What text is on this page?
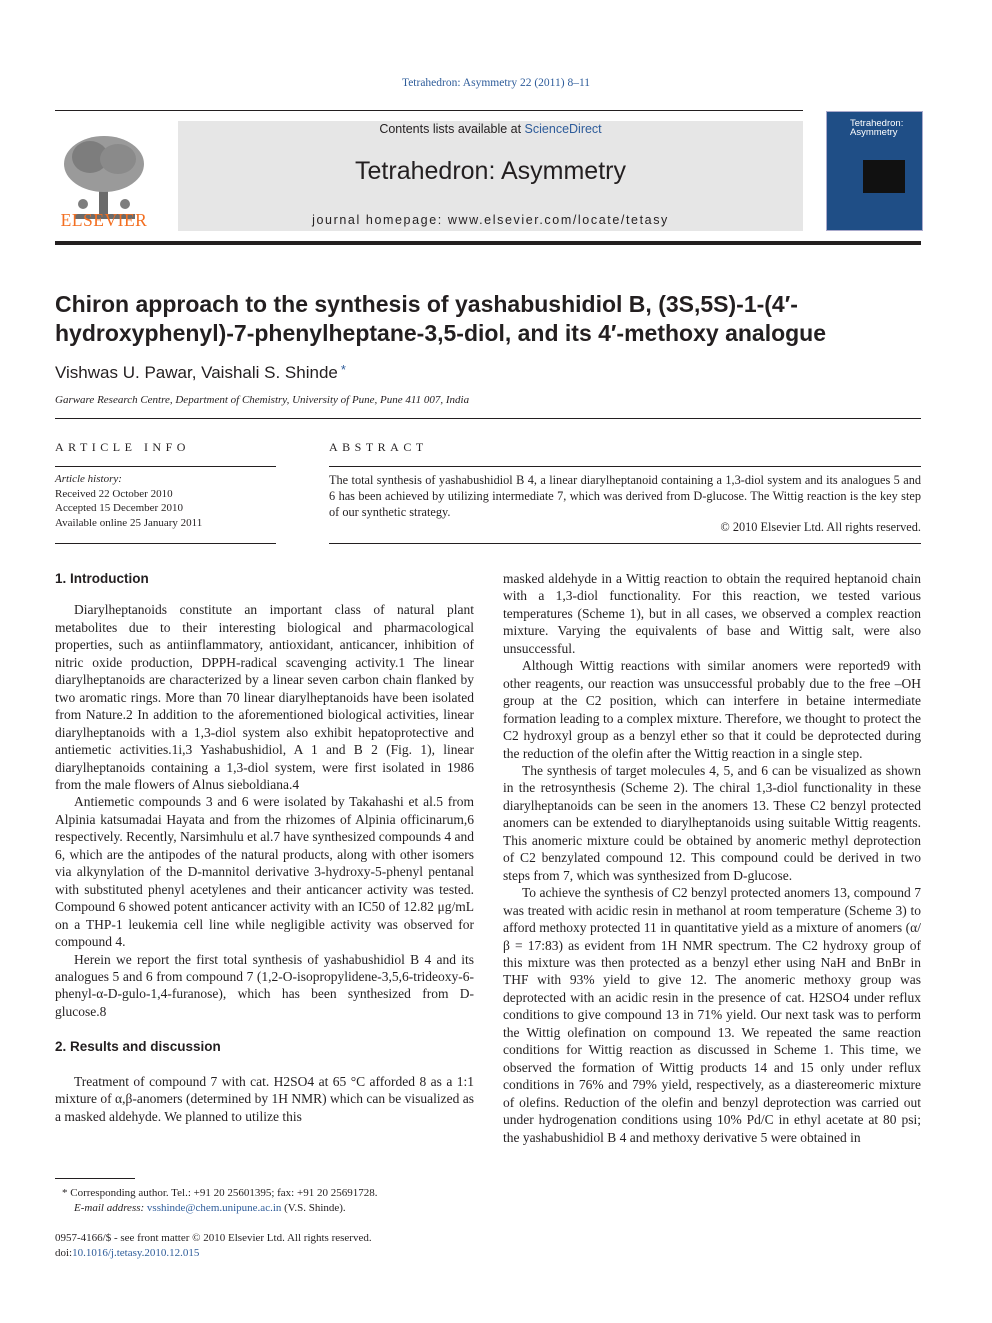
Tetrahedron: Asymmetry 22 (2011) 8–11
ELSEVIER
Contents lists available at ScienceDirect
Tetrahedron: Asymmetry
journal homepage: www.elsevier.com/locate/tetasy
Tetrahedron: Asymmetry
Chiron approach to the synthesis of yashabushidiol B, (3S,5S)-1-(4′-hydroxyphenyl)-7-phenylheptane-3,5-diol, and its 4′-methoxy analogue
Vishwas U. Pawar, Vaishali S. Shinde *
Garware Research Centre, Department of Chemistry, University of Pune, Pune 411 007, India
ARTICLE INFO
Article history:
Received 22 October 2010
Accepted 15 December 2010
Available online 25 January 2011
ABSTRACT
The total synthesis of yashabushidiol B 4, a linear diarylheptanoid containing a 1,3-diol system and its analogues 5 and 6 has been achieved by utilizing intermediate 7, which was derived from D-glucose. The Wittig reaction is the key step of our synthetic strategy.
© 2010 Elsevier Ltd. All rights reserved.
1. Introduction

Diarylheptanoids constitute an important class of natural plant metabolites due to their interesting biological and pharmacological properties, such as antiinflammatory, antioxidant, anticancer, inhibition of nitric oxide production, DPPH-radical scavenging activity.1 The linear diarylheptanoids are characterized by a linear seven carbon chain flanked by two aromatic rings. More than 70 linear diarylheptanoids have been isolated from Nature.2 In addition to the aforementioned biological activities, linear diarylheptanoids with a 1,3-diol system also exhibit hepatoprotective and antiemetic activities.1i,3 Yashabushidiol, A 1 and B 2 (Fig. 1), linear diarylheptanoids containing a 1,3-diol system, were first isolated in 1986 from the male flowers of Alnus sieboldiana.4

Antiemetic compounds 3 and 6 were isolated by Takahashi et al.5 from Alpinia katsumadai Hayata and from the rhizomes of Alpinia officinarum,6 respectively. Recently, Narsimhulu et al.7 have synthesized compounds 4 and 6, which are the antipodes of the natural products, along with other isomers via alkynylation of the D-mannitol derivative 3-hydroxy-5-phenyl pentanal with substituted phenyl acetylenes and their anticancer activity was tested. Compound 6 showed potent anticancer activity with an IC50 of 12.82 μg/mL on a THP-1 leukemia cell line while negligible activity was observed for compound 4.

Herein we report the first total synthesis of yashabushidiol B 4 and its analogues 5 and 6 from compound 7 (1,2-O-isopropylidene-3,5,6-trideoxy-6-phenyl-α-D-gulo-1,4-furanose), which has been synthesized from D-glucose.8

2. Results and discussion

Treatment of compound 7 with cat. H2SO4 at 65 °C afforded 8 as a 1:1 mixture of α,β-anomers (determined by 1H NMR) which can be visualized as a masked aldehyde. We planned to utilize this

masked aldehyde in a Wittig reaction to obtain the required heptanoid chain with a 1,3-diol functionality. For this reaction, we tested various temperatures (Scheme 1), but in all cases, we observed a complex reaction mixture. Varying the equivalents of base and Wittig salt, were also unsuccessful.

Although Wittig reactions with similar anomers were reported9 with other reagents, our reaction was unsuccessful probably due to the free –OH group at the C2 position, which can interfere in betaine intermediate formation leading to a complex mixture. Therefore, we thought to protect the C2 hydroxyl group as a benzyl ether so that it could be deprotected during the reduction of the olefin after the Wittig reaction in a single step.

The synthesis of target molecules 4, 5, and 6 can be visualized as shown in the retrosynthesis (Scheme 2). The chiral 1,3-diol functionality in these diarylheptanoids can be seen in the anomers 13. These C2 benzyl protected anomers can be extended to diarylheptanoids using suitable Wittig reagents. This anomeric mixture could be obtained by anomeric methyl deprotection of C2 benzylated compound 12. This compound could be derived in two steps from 7, which was synthesized from D-glucose.

To achieve the synthesis of C2 benzyl protected anomers 13, compound 7 was treated with acidic resin in methanol at room temperature (Scheme 3) to afford methoxy protected 11 in quantitative yield as a mixture of anomers (α/β = 17:83) as evident from 1H NMR spectrum. The C2 hydroxy group of this mixture was then protected as a benzyl ether using NaH and BnBr in THF with 93% yield to give 12. The anomeric methoxy group was deprotected with an acidic resin in the presence of cat. H2SO4 under reflux conditions to give compound 13 in 71% yield. Our next task was to perform the Wittig olefination on compound 13. We repeated the same reaction conditions for Wittig reaction as discussed in Scheme 1. This time, we observed the formation of Wittig products 14 and 15 only under reflux conditions in 76% and 79% yield, respectively, as a diastereomeric mixture of olefins. Reduction of the olefin and benzyl deprotection was carried out under hydrogenation conditions using 10% Pd/C in ethyl acetate at 80 psi; the yashabushidiol B 4 and methoxy derivative 5 were obtained in

* Corresponding author. Tel.: +91 20 25601395; fax: +91 20 25691728.
E-mail address: vsshinde@chem.unipune.ac.in (V.S. Shinde).
0957-4166/$ - see front matter © 2010 Elsevier Ltd. All rights reserved.
doi:10.1016/j.tetasy.2010.12.015
